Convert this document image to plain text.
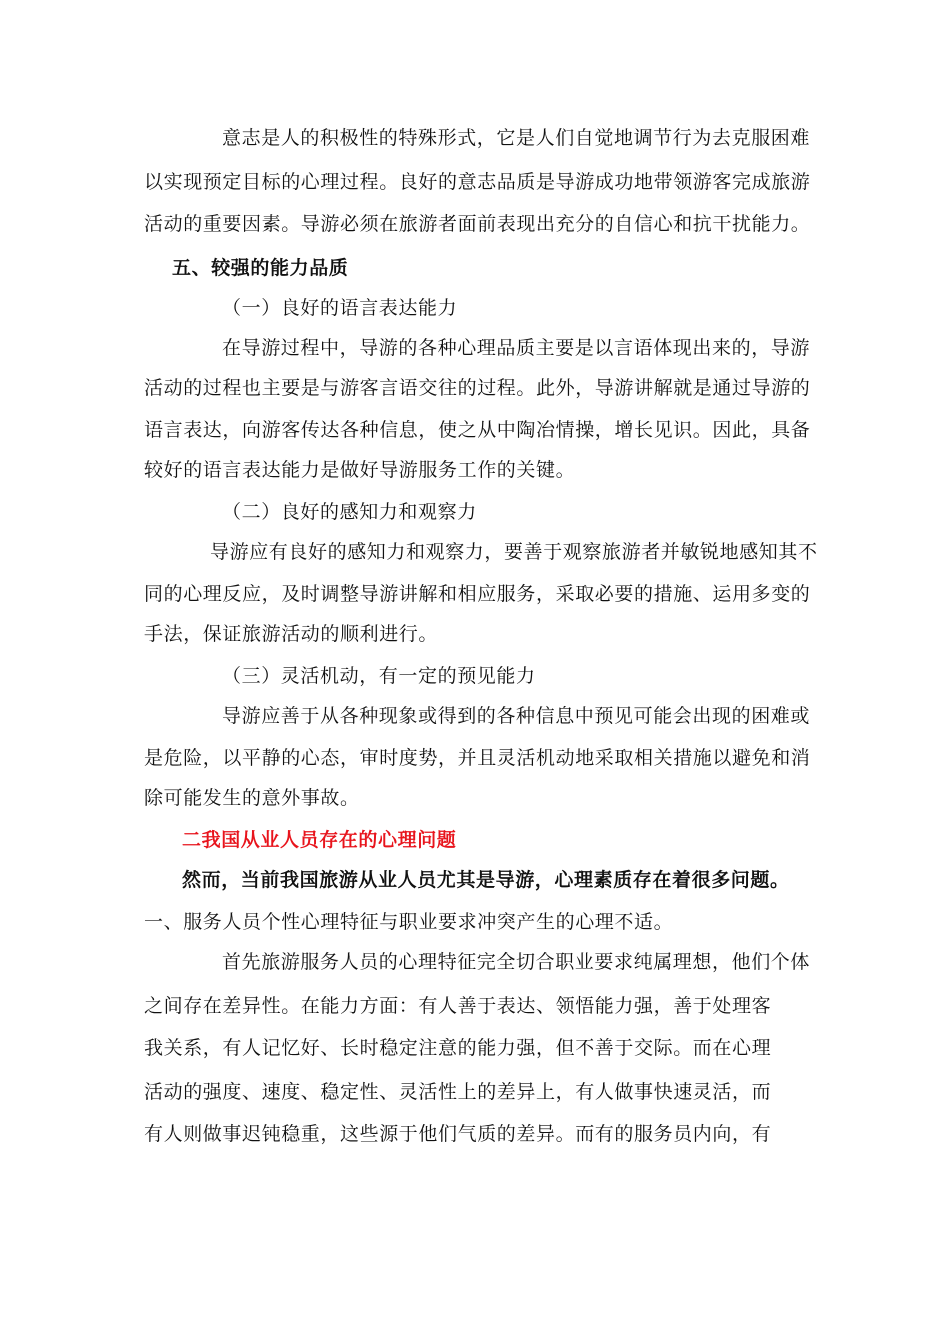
意志是人的积极性的特殊形式，它是人们自觉地调节行为去克服困难
以实现预定目标的心理过程。良好的意志品质是导游成功地带领游客完成旅游
活动的重要因素。导游必须在旅游者面前表现出充分的自信心和抗干扰能力。
五、较强的能力品质
（一）良好的语言表达能力
在导游过程中，导游的各种心理品质主要是以言语体现出来的，导游
活动的过程也主要是与游客言语交往的过程。此外，导游讲解就是通过导游的
语言表达，向游客传达各种信息，使之从中陶冶情操，增长见识。因此，具备
较好的语言表达能力是做好导游服务工作的关键。
（二）良好的感知力和观察力
导游应有良好的感知力和观察力，要善于观察旅游者并敏锐地感知其不
同的心理反应，及时调整导游讲解和相应服务，采取必要的措施、运用多变的
手法，保证旅游活动的顺利进行。
（三）灵活机动，有一定的预见能力
导游应善于从各种现象或得到的各种信息中预见可能会出现的困难或
是危险，以平静的心态，审时度势，并且灵活机动地采取相关措施以避免和消
除可能发生的意外事故。
二我国从业人员存在的心理问题
然而，当前我国旅游从业人员尤其是导游，心理素质存在着很多问题。
一、服务人员个性心理特征与职业要求冲突产生的心理不适。
首先旅游服务人员的心理特征完全切合职业要求纯属理想，他们个体
之间存在差异性。在能力方面：有人善于表达、领悟能力强，善于处理客
我关系，有人记忆好、长时稳定注意的能力强，但不善于交际。而在心理
活动的强度、速度、稳定性、灵活性上的差异上，有人做事快速灵活，而
有人则做事迟钝稳重，这些源于他们气质的差异。而有的服务员内向，有
